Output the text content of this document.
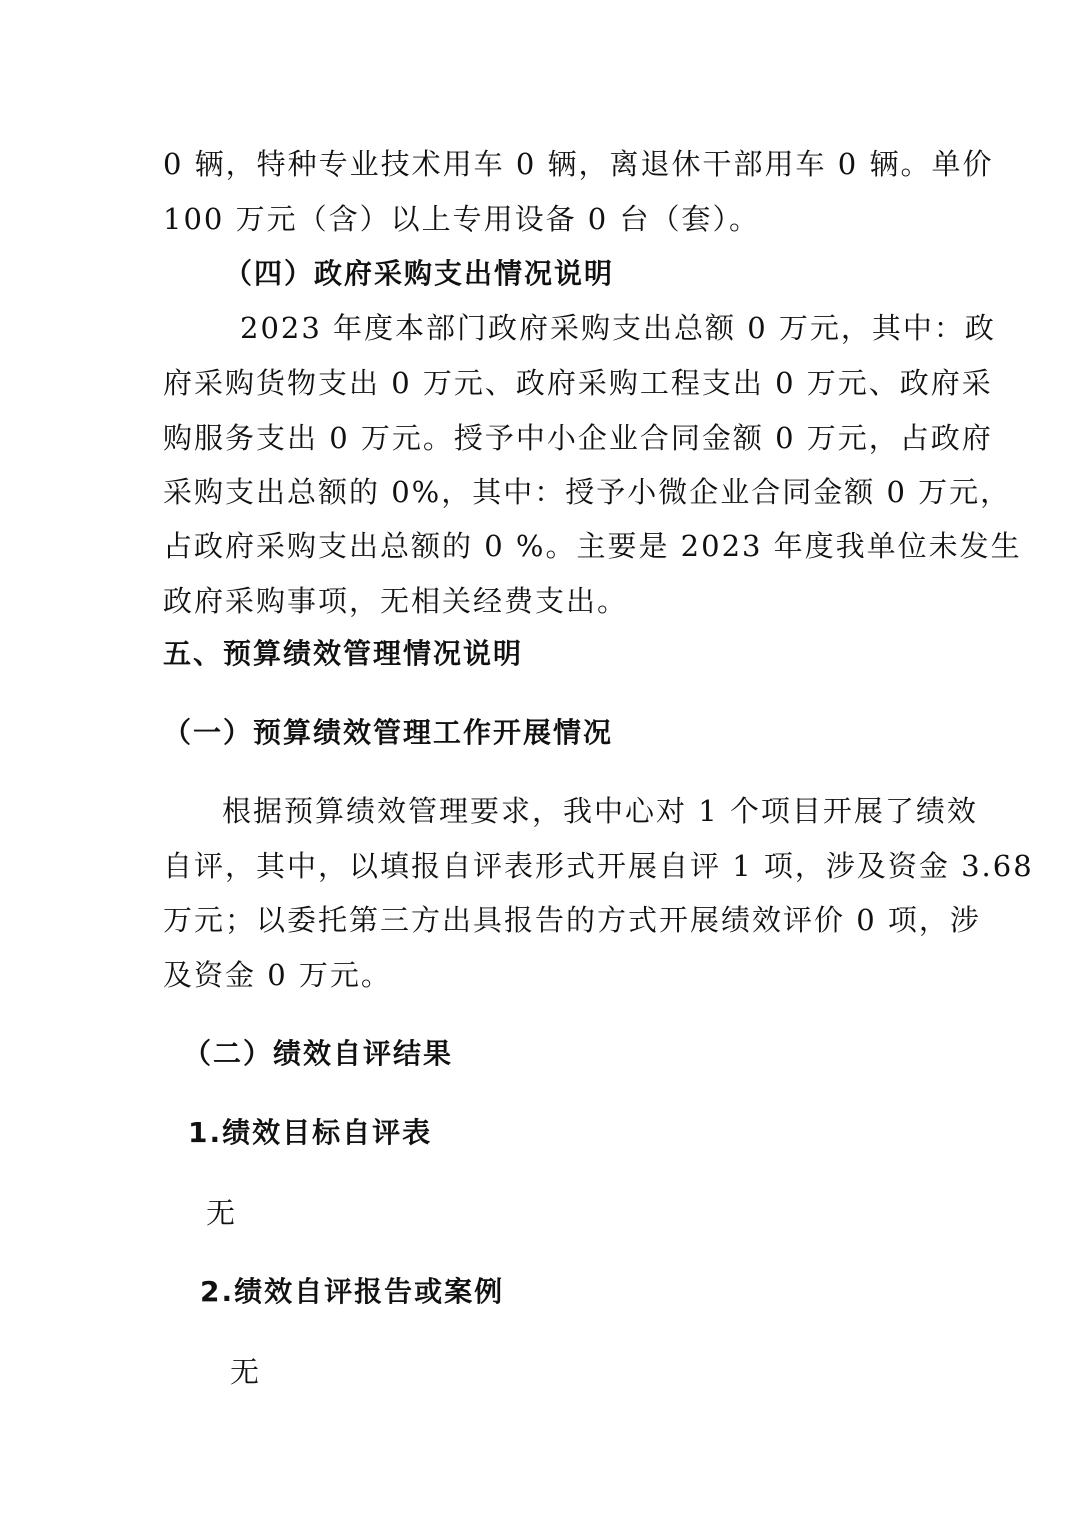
0 辆，特种专业技术用车 0 辆，离退休干部用车 0 辆。单价
100 万元（含）以上专用设备 0 台（套）。
（四）政府采购支出情况说明
2023 年度本部门政府采购支出总额 0 万元，其中：政
府采购货物支出 0 万元、政府采购工程支出 0 万元、政府采
购服务支出 0 万元。授予中小企业合同金额 0 万元，占政府
采购支出总额的 0%，其中：授予小微企业合同金额 0 万元，
占政府采购支出总额的 0 %。主要是 2023 年度我单位未发生
政府采购事项，无相关经费支出。
五、预算绩效管理情况说明
（一）预算绩效管理工作开展情况
根据预算绩效管理要求，我中心对 1 个项目开展了绩效
自评，其中，以填报自评表形式开展自评 1 项，涉及资金 3.68
万元；以委托第三方出具报告的方式开展绩效评价 0 项，涉
及资金 0 万元。
（二）绩效自评结果
1.绩效目标自评表
无
2.绩效自评报告或案例
无
